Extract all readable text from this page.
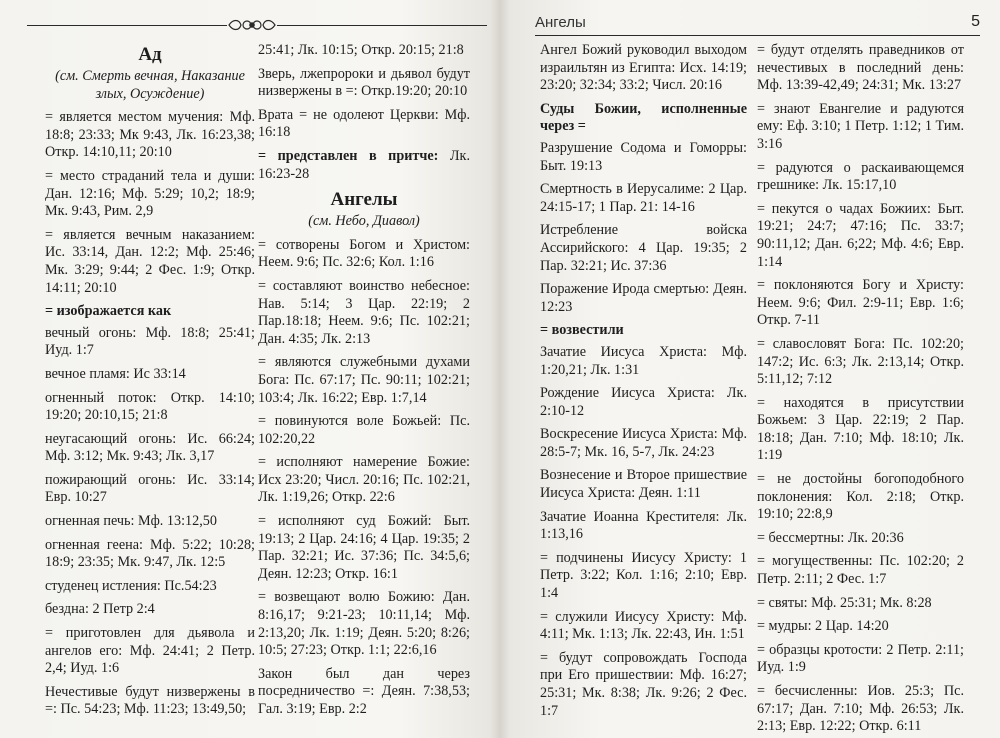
Ад
(см. Смерть вечная, Наказание злых, Осуждение)

= является местом мучения: Мф. 18:8; 23:33; Мк 9:43, Лк. 16:23,38; Откр. 14:10,11; 20:10

= место страданий тела и души: Дан. 12:16; Мф. 5:29; 10,2; 18:9; Мк. 9:43, Рим. 2,9

= является вечным наказанием: Ис. 33:14, Дан. 12:2; Мф. 25:46; Мк. 3:29; 9:44; 2 Фес. 1:9; Откр. 14:11; 20:10

= изображается как

вечный огонь: Мф. 18:8; 25:41; Иуд. 1:7

вечное пламя: Ис 33:14

огненный поток: Откр. 14:10; 19:20; 20:10,15; 21:8

неугасающий огонь: Ис. 66:24; Мф. 3:12; Мк. 9:43; Лк. 3,17

пожирающий огонь: Ис. 33:14; Евр. 10:27

огненная печь: Мф. 13:12,50

огненная геена: Мф. 5:22; 10:28; 18:9; 23:35; Мк. 9:47, Лк. 12:5

студенец истления: Пс.54:23

бездна: 2 Петр 2:4

= приготовлен для дьявола и ангелов его: Мф. 24:41; 2 Петр. 2,4; Иуд. 1:6

Нечестивые будут низвержены в =: Пс. 54:23; Мф. 11:23; 13:49,50;

25:41; Лк. 10:15; Откр. 20:15; 21:8

Зверь, лжепророки и дьявол будут низвержены в =: Откр.19:20; 20:10

Врата = не одолеют Церкви: Мф. 16:18

= представлен в притче: Лк. 16:23-28

Ангелы
(см. Небо, Диавол)

= сотворены Богом и Христом: Неем. 9:6; Пс. 32:6; Кол. 1:16

= составляют воинство небесное: Нав. 5:14; 3 Цар. 22:19; 2 Пар.18:18; Неем. 9:6; Пс. 102:21; Дан. 4:35; Лк. 2:13

= являются служебными духами Бога: Пс. 67:17; Пс. 90:11; 102:21; 103:4; Лк. 16:22; Евр. 1:7,14

= повинуются воле Божьей: Пс. 102:20,22

= исполняют намерение Божие: Исх 23:20; Числ. 20:16; Пс. 102:21, Лк. 1:19,26; Откр. 22:6

= исполняют суд Божий: Быт. 19:13; 2 Цар. 24:16; 4 Цар. 19:35; 2 Пар. 32:21; Ис. 37:36; Пс. 34:5,6; Деян. 12:23; Откр. 16:1

= возвещают волю Божию: Дан. 8:16,17; 9:21-23; 10:11,14; Мф. 2:13,20; Лк. 1:19; Деян. 5:20; 8:26; 10:5; 27:23; Откр. 1:1; 22:6,16

Закон был дан через посредничество =: Деян. 7:38,53; Гал. 3:19; Евр. 2:2

Ангелы	5

Ангел Божий руководил выходом израильтян из Египта: Исх. 14:19; 23:20; 32:34; 33:2; Числ. 20:16

Суды Божии, исполненные через =

Разрушение Содома и Гоморры: Быт. 19:13

Смертность в Иерусалиме: 2 Цар. 24:15-17; 1 Пар. 21: 14-16

Истребление войска Ассирийского: 4 Цар. 19:35; 2 Пар. 32:21; Ис. 37:36

Поражение Ирода смертью: Деян. 12:23

= возвестили

Зачатие Иисуса Христа: Мф. 1:20,21; Лк. 1:31

Рождение Иисуса Христа: Лк. 2:10-12

Воскресение Иисуса Христа: Мф. 28:5-7; Мк. 16, 5-7, Лк. 24:23

Вознесение и Второе пришествие Иисуса Христа: Деян. 1:11

Зачатие Иоанна Крестителя: Лк. 1:13,16

= подчинены Иисусу Христу: 1 Петр. 3:22; Кол. 1:16; 2:10; Евр. 1:4

= служили Иисусу Христу: Мф. 4:11; Мк. 1:13; Лк. 22:43, Ин. 1:51

= будут сопровождать Господа при Его пришествии: Мф. 16:27; 25:31; Мк. 8:38; Лк. 9:26; 2 Фес. 1:7

= будут отделять праведников от нечестивых в последний день: Мф. 13:39-42,49; 24:31; Мк. 13:27

= знают Евангелие и радуются ему: Еф. 3:10; 1 Петр. 1:12; 1 Тим. 3:16

= радуются о раскаивающемся грешнике: Лк. 15:17,10

= пекутся о чадах Божиих: Быт. 19:21; 24:7; 47:16; Пс. 33:7; 90:11,12; Дан. 6;22; Мф. 4:6; Евр. 1:14

= поклоняются Богу и Христу: Неем. 9:6; Фил. 2:9-11; Евр. 1:6; Откр. 7-11

= славословят Бога: Пс. 102:20; 147:2; Ис. 6:3; Лк. 2:13,14; Откр. 5:11,12; 7:12

= находятся в присутствии Божьем: 3 Цар. 22:19; 2 Пар. 18:18; Дан. 7:10; Мф. 18:10; Лк. 1:19

= не достойны богоподобного поклонения: Кол. 2:18; Откр. 19:10; 22:8,9

= бессмертны: Лк. 20:36

= могущественны: Пс. 102:20; 2 Петр. 2:11; 2 Фес. 1:7

= святы: Мф. 25:31; Мк. 8:28

= мудры: 2 Цар. 14:20

= образцы кротости: 2 Петр. 2:11; Иуд. 1:9

= бесчисленны: Иов. 25:3; Пс. 67:17; Дан. 7:10; Мф. 26:53; Лк. 2:13; Евр. 12:22; Откр. 6:11
